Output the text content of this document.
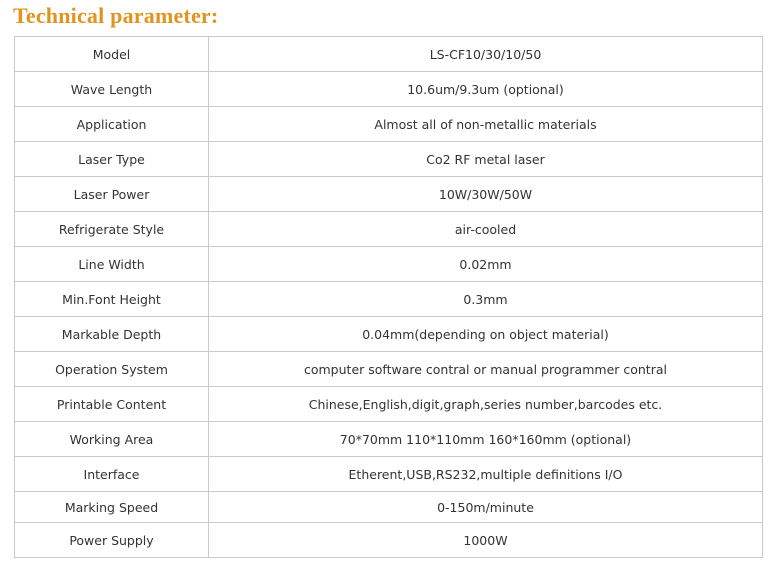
Technical parameter:
Model	LS-CF10/30/10/50
Wave Length	10.6um/9.3um (optional)
Application	Almost all of non-metallic materials
Laser Type	Co2 RF metal laser
Laser Power	10W/30W/50W
Refrigerate Style	air-cooled
Line Width	0.02mm
Min.Font Height	0.3mm
Markable Depth	0.04mm(depending on object material)
Operation System	computer software contral or manual programmer contral
Printable Content	Chinese,English,digit,graph,series number,barcodes etc.
Working Area	70*70mm 110*110mm 160*160mm (optional)
Interface	Etherent,USB,RS232,multiple definitions I/O
Marking Speed	0-150m/minute
Power Supply	1000W
